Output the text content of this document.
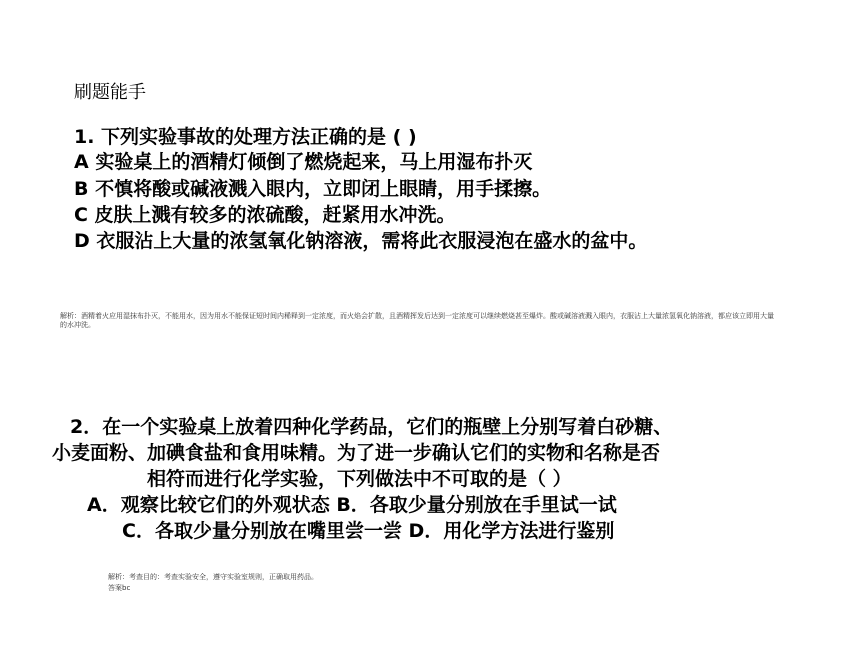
刷题能手
1. 下列实验事故的处理方法正确的是 ( )
A 实验桌上的酒精灯倾倒了燃烧起来，马上用湿布扑灭
B 不慎将酸或碱液溅入眼内，立即闭上眼睛，用手揉擦。
C 皮肤上溅有较多的浓硫酸，赶紧用水冲洗。
D 衣服沾上大量的浓氢氧化钠溶液，需将此衣服浸泡在盛水的盆中。
解析：酒精着火应用湿抹布扑灭，不能用水，因为用水不能保证短时间内稀释到一定浓度，而火焰会扩散，且酒精挥发后达到一定浓度可以继续燃烧甚至爆炸。酸或碱溶液溅入眼内，衣服沾上大量浓氢氧化钠溶液，都应该立即用大量的水冲洗。
2．在一个实验桌上放着四种化学药品，它们的瓶壁上分别写着白砂糖、
小麦面粉、加碘食盐和食用味精。为了进一步确认它们的实物和名称是否
相符而进行化学实验，下列做法中不可取的是（ ）
A．观察比较它们的外观状态 B．各取少量分别放在手里试一试
C．各取少量分别放在嘴里尝一尝 D．用化学方法进行鉴别
解析：考查目的：考查实验安全，遵守实验室规则，正确取用药品。
答案bc
